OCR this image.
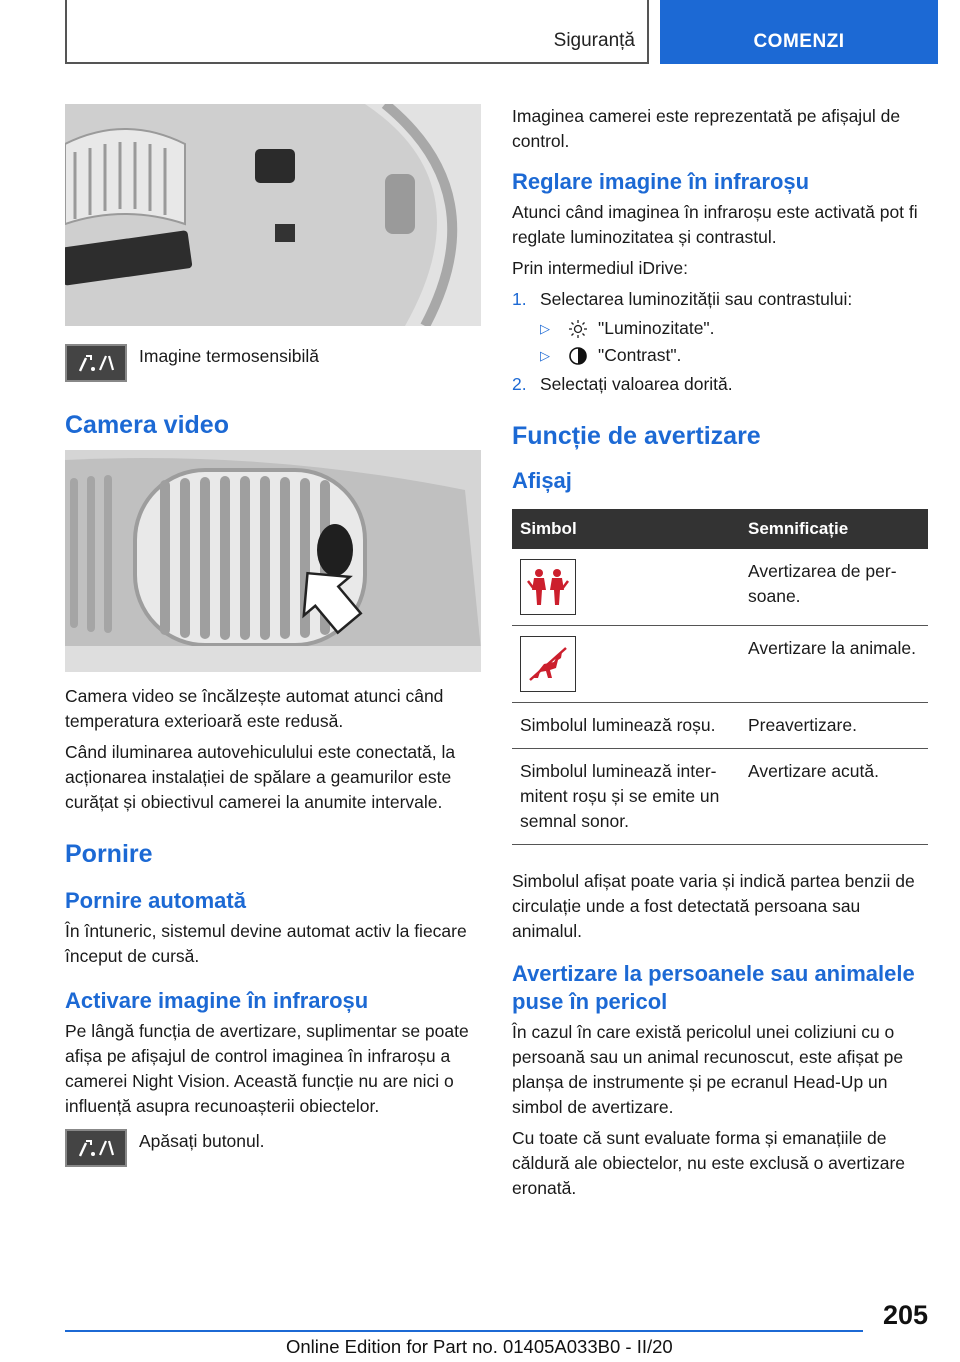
Siguranță	COMENZI

Imagine termosensibilă

Camera video

Camera video se încălzește automat atunci când temperatura exterioară este redusă.

Când iluminarea autovehiculului este conectată, la acționarea instalației de spălare a geamurilor este curățat și obiectivul camerei la anumite intervale.

Pornire
Pornire automată

În întuneric, sistemul devine automat activ la fiecare început de cursă.

Activare imagine în infraroșu

Pe lângă funcția de avertizare, suplimentar se poate afișa pe afișajul de control imaginea în infraroșu a camerei Night Vision. Această funcție nu are nici o influență asupra recunoașterii obiectelor.

Apăsați butonul.

Imaginea camerei este reprezentată pe afișajul de control.

Reglare imagine în infraroșu

Atunci când imaginea în infraroșu este activată pot fi reglate luminozitatea și contrastul.

Prin intermediul iDrive:

1. Selectarea luminozității sau contrastului:
▷	"Luminozitate".
▷	"Contrast".
2. Selectați valoarea dorită.
Funcție de avertizare
Afișaj
Simbol	Semnificație

	Avertizarea de persoane.

	Avertizare la animale.
Simbolul luminează roșu.	Preavertizare.
Simbolul luminează intermitent roșu și se emite un semnal sonor.	Avertizare acută.

Simbolul afișat poate varia și indică partea benzii de circulație unde a fost detectată persoana sau animalul.

Avertizare la persoanele sau animalele puse în pericol

În cazul în care există pericolul unei coliziuni cu o persoană sau un animal recunoscut, este afișat pe planșa de instrumente și pe ecranul Head-Up un simbol de avertizare.

Cu toate că sunt evaluate forma și emanațiile de căldură ale obiectelor, nu este exclusă o avertizare eronată.

205
Online Edition for Part no. 01405A033B0 - II/20
